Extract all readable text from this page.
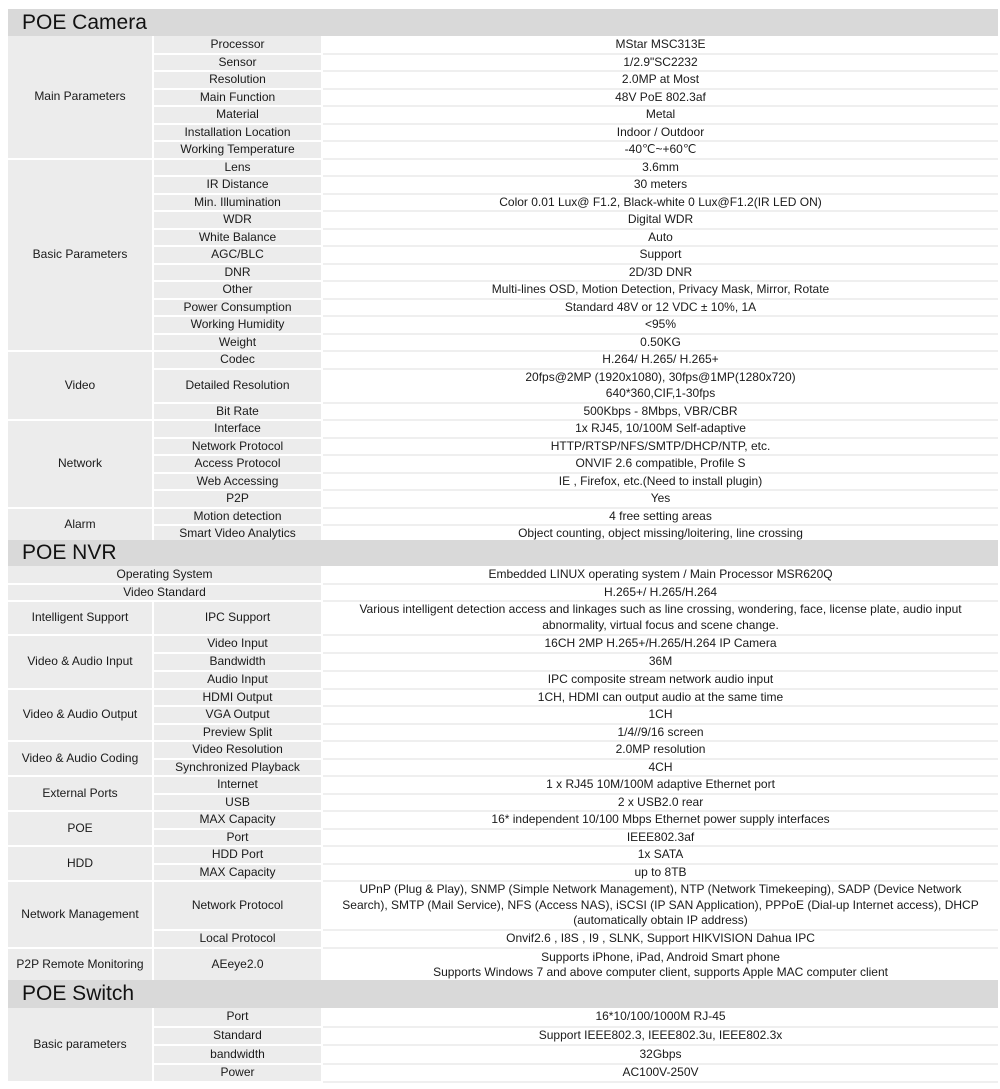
POE Camera
Main Parameters	Processor	MStar MSC313E

	Sensor	1/2.9"SC2232

	Resolution	2.0MP at Most

	Main Function	48V PoE 802.3af

	Material	Metal

	Installation Location	Indoor / Outdoor

	Working Temperature	-40℃~+60℃

Basic Parameters	Lens	3.6mm

	IR Distance	30 meters

	Min. Illumination	Color 0.01 Lux@ F1.2, Black-white 0 Lux@F1.2(IR LED ON)

	WDR	Digital WDR

	White Balance	Auto

	AGC/BLC	Support

	DNR	2D/3D DNR

	Other	Multi-lines OSD, Motion Detection, Privacy Mask, Mirror, Rotate

	Power Consumption	Standard 48V or 12 VDC ± 10%, 1A

	Working Humidity	<95%

	Weight	0.50KG

Video	Codec	H.264/ H.265/ H.265+

	Detailed Resolution	20fps@2MP (1920x1080), 30fps@1MP(1280x720)
640*360,CIF,1-30fps

	Bit Rate	500Kbps - 8Mbps, VBR/CBR

Network	Interface	1x RJ45, 10/100M Self-adaptive

	Network Protocol	HTTP/RTSP/NFS/SMTP/DHCP/NTP, etc.

	Access Protocol	ONVIF 2.6 compatible, Profile S

	Web Accessing	IE , Firefox, etc.(Need to install plugin)

	P2P	Yes

Alarm	Motion detection	4 free setting areas

	Smart Video Analytics	Object counting, object missing/loitering, line crossing
POE NVR
Operating System		Embedded LINUX operating system / Main Processor MSR620Q

Video Standard		H.265+/ H.265/H.264

Intelligent Support	IPC Support	Various intelligent detection access and linkages such as line crossing, wondering, face, license plate, audio input
abnormality, virtual focus and scene change.

Video & Audio Input	Video Input	16CH 2MP H.265+/H.265/H.264 IP Camera

	Bandwidth	36M

	Audio Input	IPC composite stream network audio input

Video & Audio Output	HDMI Output	1CH, HDMI can output audio at the same time

	VGA Output	1CH

	Preview Split	1/4//9/16 screen

Video & Audio Coding	Video Resolution	2.0MP resolution

	Synchronized Playback	4CH

External Ports	Internet	1 x RJ45 10M/100M adaptive Ethernet port

	USB	2 x USB2.0 rear

POE	MAX Capacity	16* independent 10/100 Mbps Ethernet power supply interfaces

	Port	IEEE802.3af

HDD	HDD Port	1x SATA

	MAX Capacity	up to 8TB

Network Management	Network Protocol	UPnP (Plug & Play), SNMP (Simple Network Management), NTP (Network Timekeeping), SADP (Device Network
Search), SMTP (Mail Service), NFS (Access NAS), iSCSI (IP SAN Application), PPPoE (Dial-up Internet access), DHCP
(automatically obtain IP address)

	Local Protocol	Onvif2.6 , I8S , I9 , SLNK, Support HIKVISION Dahua IPC

P2P Remote Monitoring	AEeye2.0	Supports iPhone, iPad, Android Smart phone
Supports Windows 7 and above computer client, supports Apple MAC computer client
POE Switch
Basic parameters	Port	16*10/100/1000M RJ-45

	Standard	Support IEEE802.3, IEEE802.3u, IEEE802.3x

	bandwidth	32Gbps

	Power	AC100V-250V
